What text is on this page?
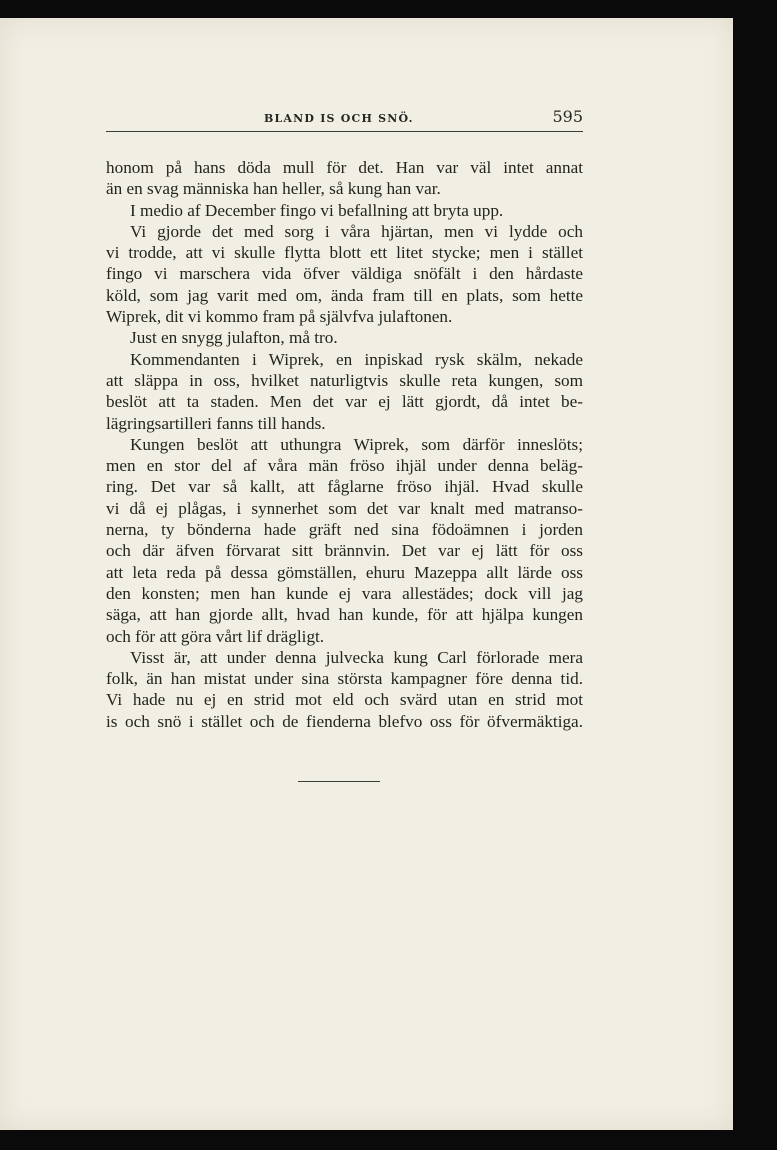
BLAND IS OCH SNÖ.	595
honom på hans döda mull för det. Han var väl intet annat
än en svag människa han heller, så kung han var.
I medio af December fingo vi befallning att bryta upp.
Vi gjorde det med sorg i våra hjärtan, men vi lydde och
vi trodde, att vi skulle flytta blott ett litet stycke; men i stället
fingo vi marschera vida öfver väldiga snöfält i den hårdaste
köld, som jag varit med om, ända fram till en plats, som hette
Wiprek, dit vi kommo fram på självfva julaftonen.
Just en snygg julafton, må tro.
Kommendanten i Wiprek, en inpiskad rysk skälm, nekade
att släppa in oss, hvilket naturligtvis skulle reta kungen, som
beslöt att ta staden. Men det var ej lätt gjordt, då intet be-
lägringsartilleri fanns till hands.
Kungen beslöt att uthungra Wiprek, som därför inneslöts;
men en stor del af våra män fröso ihjäl under denna beläg-
ring. Det var så kallt, att fåglarne fröso ihjäl. Hvad skulle
vi då ej plågas, i synnerhet som det var knalt med matranso-
nerna, ty bönderna hade gräft ned sina födoämnen i jorden
och där äfven förvarat sitt brännvin. Det var ej lätt för oss
att leta reda på dessa gömställen, ehuru Mazeppa allt lärde oss
den konsten; men han kunde ej vara allestädes; dock vill jag
säga, att han gjorde allt, hvad han kunde, för att hjälpa kungen
och för att göra vårt lif drägligt.
Visst är, att under denna julvecka kung Carl förlorade mera
folk, än han mistat under sina största kampagner före denna tid.
Vi hade nu ej en strid mot eld och svärd utan en strid mot
is och snö i stället och de fienderna blefvo oss för öfvermäktiga.
